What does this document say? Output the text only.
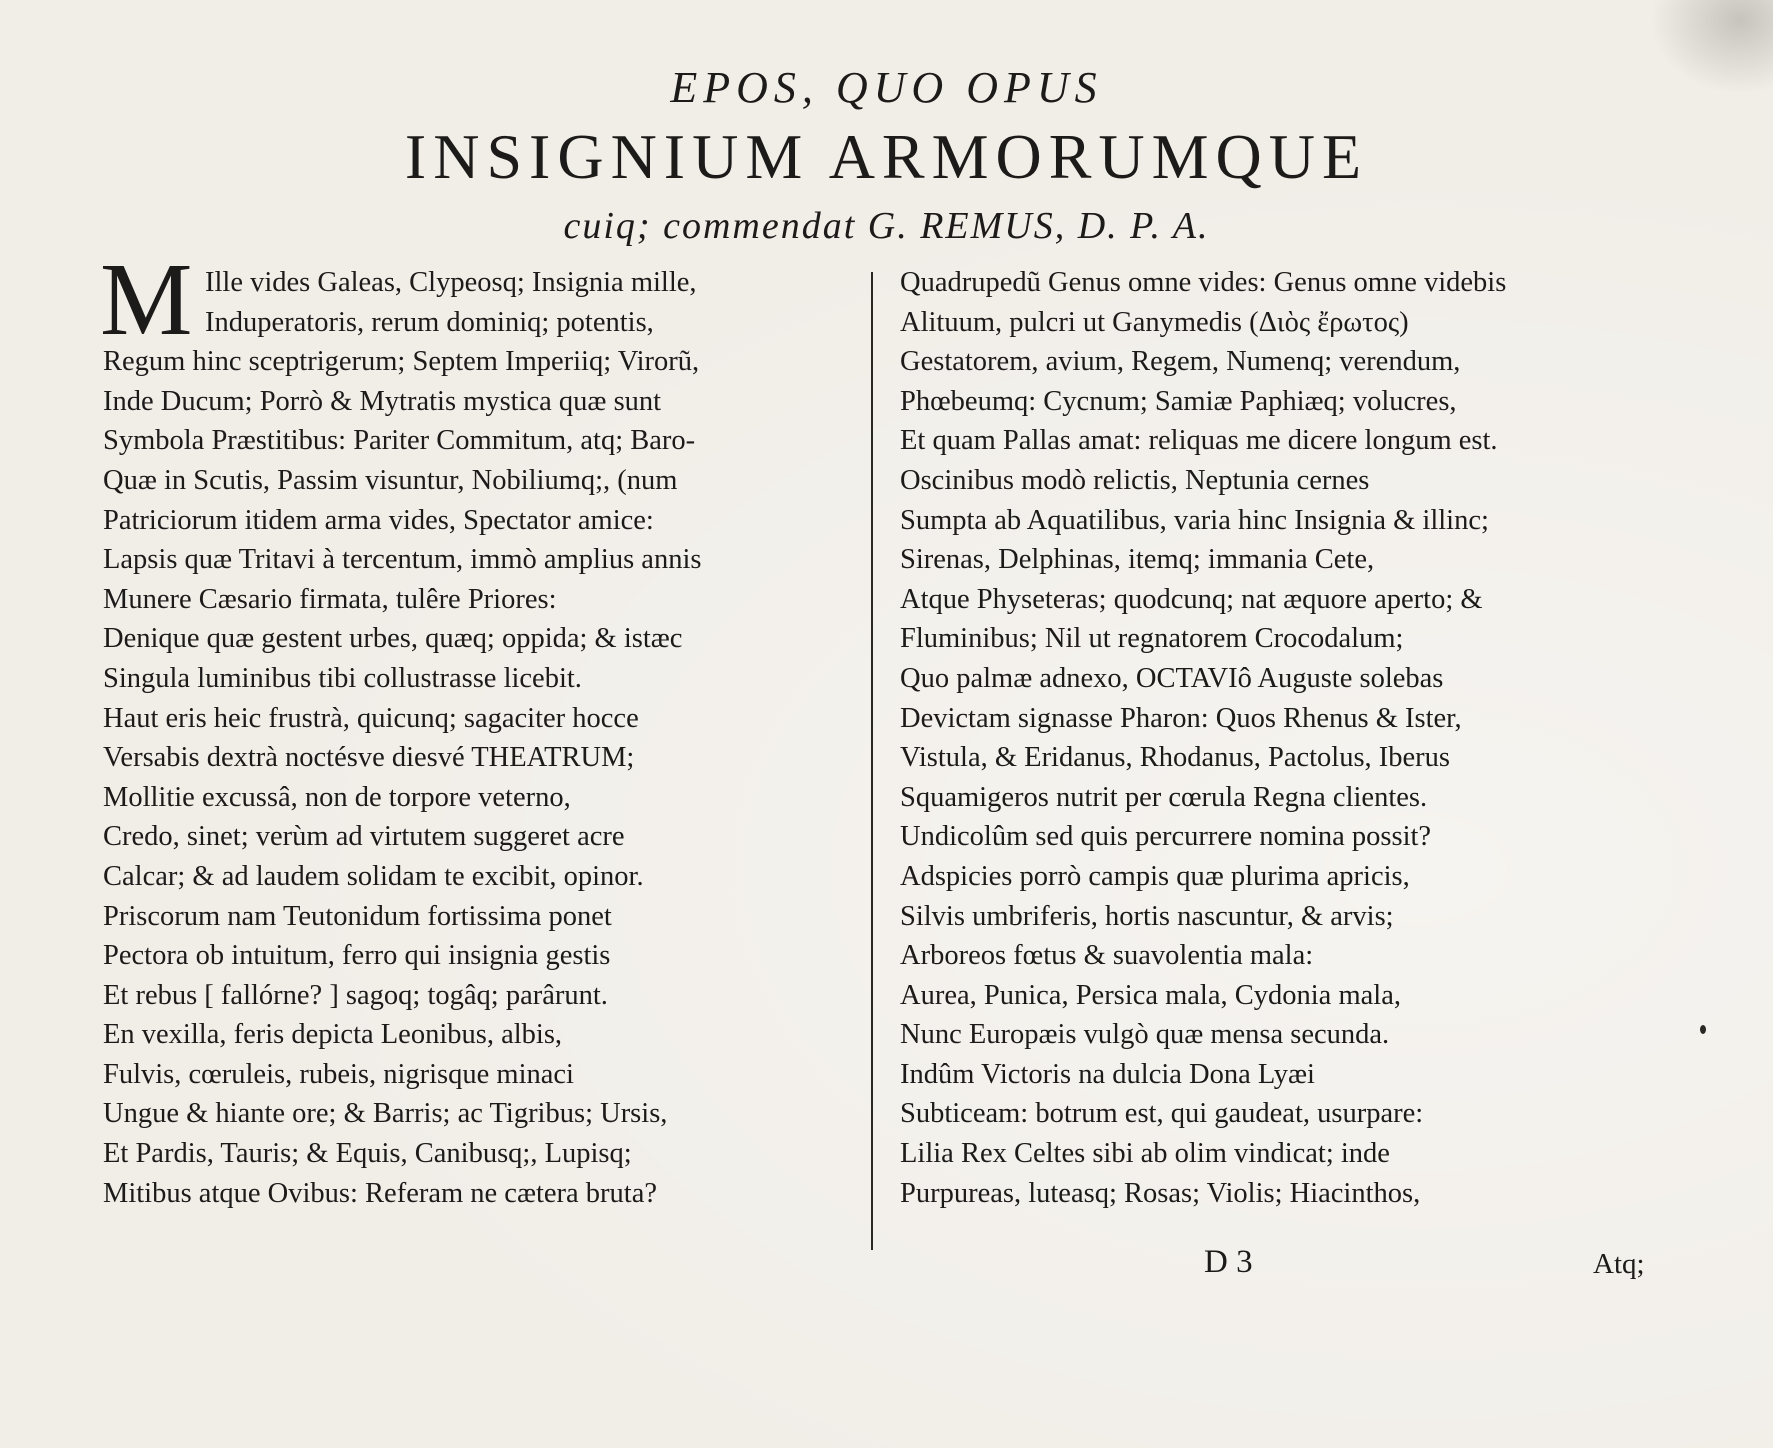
EPOS, QUO OPUS
INSIGNIUM ARMORUMQUE
cuiq; commendat G. REMUS, D. P. A.
M Ille vides Galeas, Clypeosq; Insignia mille,
Induperatoris, rerum dominiq; potentis,
Regum hinc sceptrigerum; Septem Imperiiq; Virorũ,
Inde Ducum; Porrò & Mytratis mystica quæ sunt
Symbola Præstitibus: Pariter Commitum, atq; Baro-
Quæ in Scutis, Passim visuntur, Nobiliumq;, (num
Patriciorum itidem arma vides, Spectator amice:
Lapsis quæ Tritavi à tercentum, immò amplius annis
Munere Cæsario firmata, tulêre Priores:
Denique quæ gestent urbes, quæq; oppida; & istæc
Singula luminibus tibi collustrasse licebit.
Haut eris heic frustrà, quicunq; sagaciter hocce
Versabis dextrà noctésve diesvé THEATRUM;
Mollitie excussâ, non de torpore veterno,
Credo, sinet; verùm ad virtutem suggeret acre
Calcar; & ad laudem solidam te excibit, opinor.
Priscorum nam Teutonidum fortissima ponet
Pectora ob intuitum, ferro qui insignia gestis
Et rebus [ fallórne? ] sagoq; togâq; parârunt.
En vexilla, feris depicta Leonibus, albis,
Fulvis, cœruleis, rubeis, nigrisque minaci
Ungue & hiante ore; & Barris; ac Tigribus; Ursis,
Et Pardis, Tauris; & Equis, Canibusq;, Lupisq;
Mitibus atque Ovibus: Referam ne cætera bruta?
Quadrupedũ Genus omne vides: Genus omne videbis
Alituum, pulcri ut Ganymedis (Διὸς ἔρωτος)
Gestatorem, avium, Regem, Numenq; verendum,
Phœbeumq: Cycnum; Samiæ Paphiæq; volucres,
Et quam Pallas amat: reliquas me dicere longum est.
Oscinibus modò relictis, Neptunia cernes
Sumpta ab Aquatilibus, varia hinc Insignia & illinc;
Sirenas, Delphinas, itemq; immania Cete,
Atque Physeteras; quodcunq; nat æquore aperto; &
Fluminibus; Nil ut regnatorem Crocodalum;
Quo palmæ adnexo, OCTAVIô Auguste solebas
Devictam signasse Pharon: Quos Rhenus & Ister,
Vistula, & Eridanus, Rhodanus, Pactolus, Iberus
Squamigeros nutrit per cœrula Regna clientes.
Undicolûm sed quis percurrere nomina possit?
Adspicies porrò campis quæ plurima apricis,
Silvis umbriferis, hortis nascuntur, & arvis;
Arboreos fœtus & suavolentia mala:
Aurea, Punica, Persica mala, Cydonia mala,
Nunc Europæis vulgò quæ mensa secunda.
Indûm Victoris na dulcia Dona Lyæi
Subticeam: botrum est, qui gaudeat, usurpare:
Lilia Rex Celtes sibi ab olim vindicat; inde
Purpureas, luteasq; Rosas; Violis; Hiacinthos,
D 3	Atq;
